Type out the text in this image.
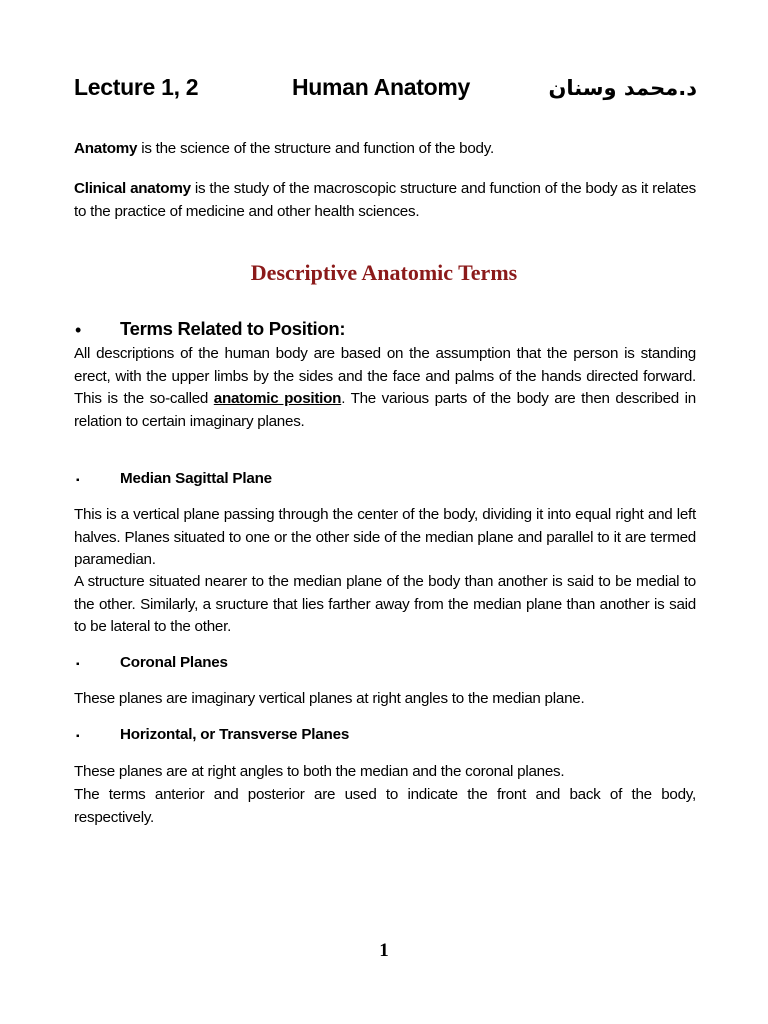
Lecture 1, 2	Human Anatomy	د.محمد وسنان
Anatomy is the science of the structure and function of the body.
Clinical anatomy is the study of the macroscopic structure and function of the body as it relates to the practice of medicine and other health sciences.
Descriptive Anatomic Terms
• Terms Related to Position:
All descriptions of the human body are based on the assumption that the person is standing erect, with the upper limbs by the sides and the face and palms of the hands directed forward. This is the so-called anatomic position. The various parts of the body are then described in relation to certain imaginary planes.
▪	Median Sagittal Plane
This is a vertical plane passing through the center of the body, dividing it into equal right and left halves. Planes situated to one or the other side of the median plane and parallel to it are termed paramedian.
A structure situated nearer to the median plane of the body than another is said to be medial to the other. Similarly, a sructure that lies farther away from the median plane than another is said to be lateral to the other.
▪	Coronal Planes
These planes are imaginary vertical planes at right angles to the median plane.
▪	Horizontal, or Transverse Planes
These planes are at right angles to both the median and the coronal planes.
The terms anterior and posterior are used to indicate the front and back of the body, respectively.
1
